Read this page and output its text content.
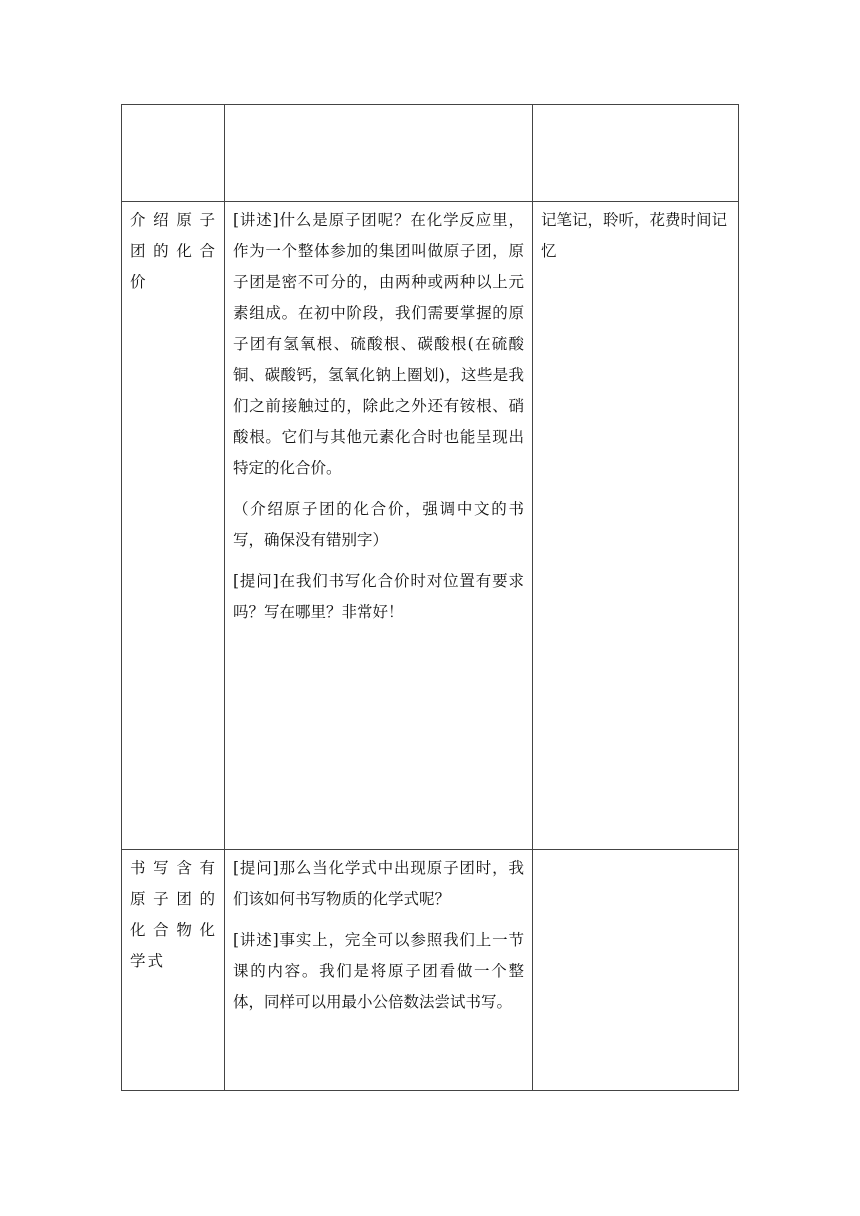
介绍原子团的化合价	[讲述]什么是原子团呢？在化学反应里，作为一个整体参加的集团叫做原子团，原子团是密不可分的，由两种或两种以上元素组成。在初中阶段，我们需要掌握的原子团有氢氧根、硫酸根、碳酸根(在硫酸铜、碳酸钙，氢氧化钠上圈划)，这些是我们之前接触过的，除此之外还有铵根、硝酸根。它们与其他元素化合时也能呈现出特定的化合价。

（介绍原子团的化合价，强调中文的书写，确保没有错别字）

[提问]在我们书写化合价时对位置有要求吗？写在哪里？非常好！	记笔记，聆听，花费时间记忆

书写含有原子团的化合物化学式	[提问]那么当化学式中出现原子团时，我们该如何书写物质的化学式呢？

[讲述]事实上，完全可以参照我们上一节课的内容。我们是将原子团看做一个整体，同样可以用最小公倍数法尝试书写。	
